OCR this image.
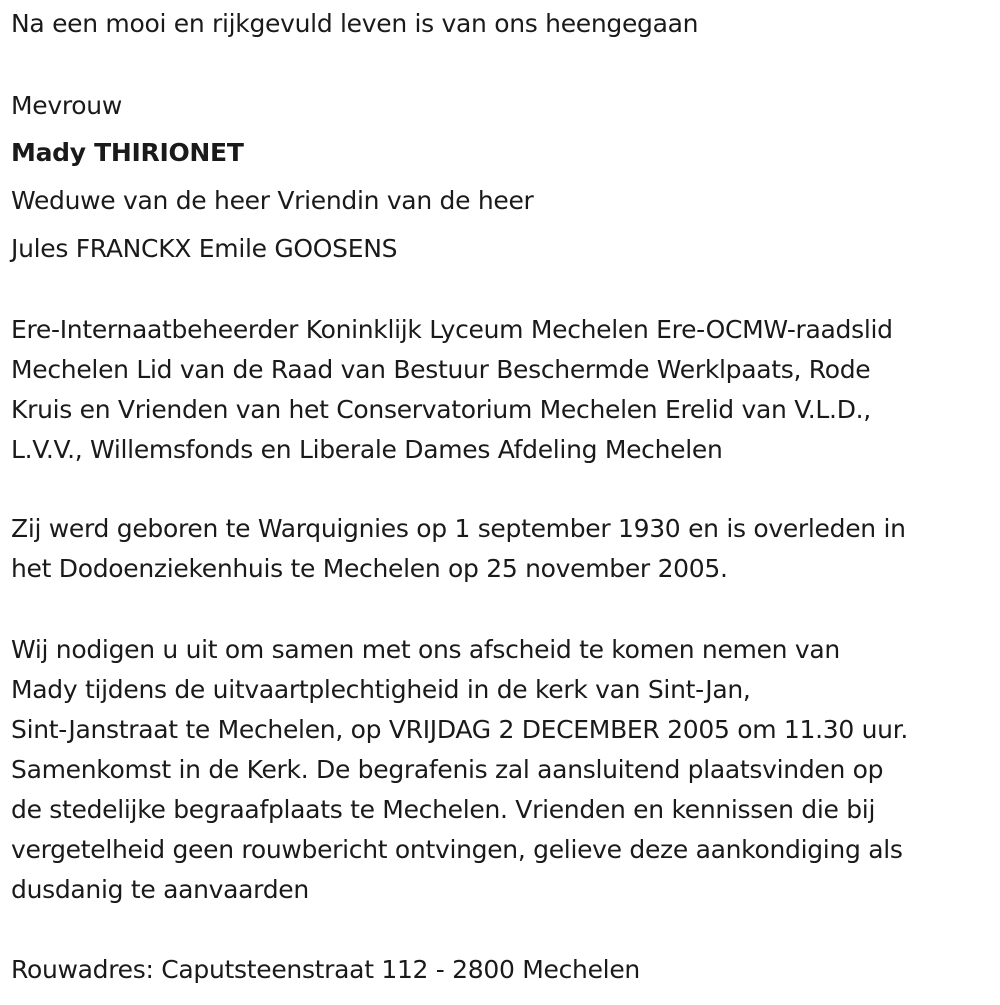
Na een mooi en rijkgevuld leven is van ons heengegaan
Mevrouw
Mady THIRIONET
Weduwe van de heer Vriendin van de heer
Jules FRANCKX Emile GOOSENS
Ere-Internaatbeheerder Koninklijk Lyceum Mechelen Ere-OCMW-raadslid
Mechelen Lid van de Raad van Bestuur Beschermde Werklpaats, Rode
Kruis en Vrienden van het Conservatorium Mechelen Erelid van V.L.D.,
L.V.V., Willemsfonds en Liberale Dames Afdeling Mechelen
Zij werd geboren te Warquignies op 1 september 1930 en is overleden in
het Dodoenziekenhuis te Mechelen op 25 november 2005.
Wij nodigen u uit om samen met ons afscheid te komen nemen van
Mady tijdens de uitvaartplechtigheid in de kerk van Sint-Jan,
Sint-Janstraat te Mechelen, op VRIJDAG 2 DECEMBER 2005 om 11.30 uur.
Samenkomst in de Kerk. De begrafenis zal aansluitend plaatsvinden op
de stedelijke begraafplaats te Mechelen. Vrienden en kennissen die bij
vergetelheid geen rouwbericht ontvingen, gelieve deze aankondiging als
dusdanig te aanvaarden
Rouwadres: Caputsteenstraat 112 - 2800 Mechelen
